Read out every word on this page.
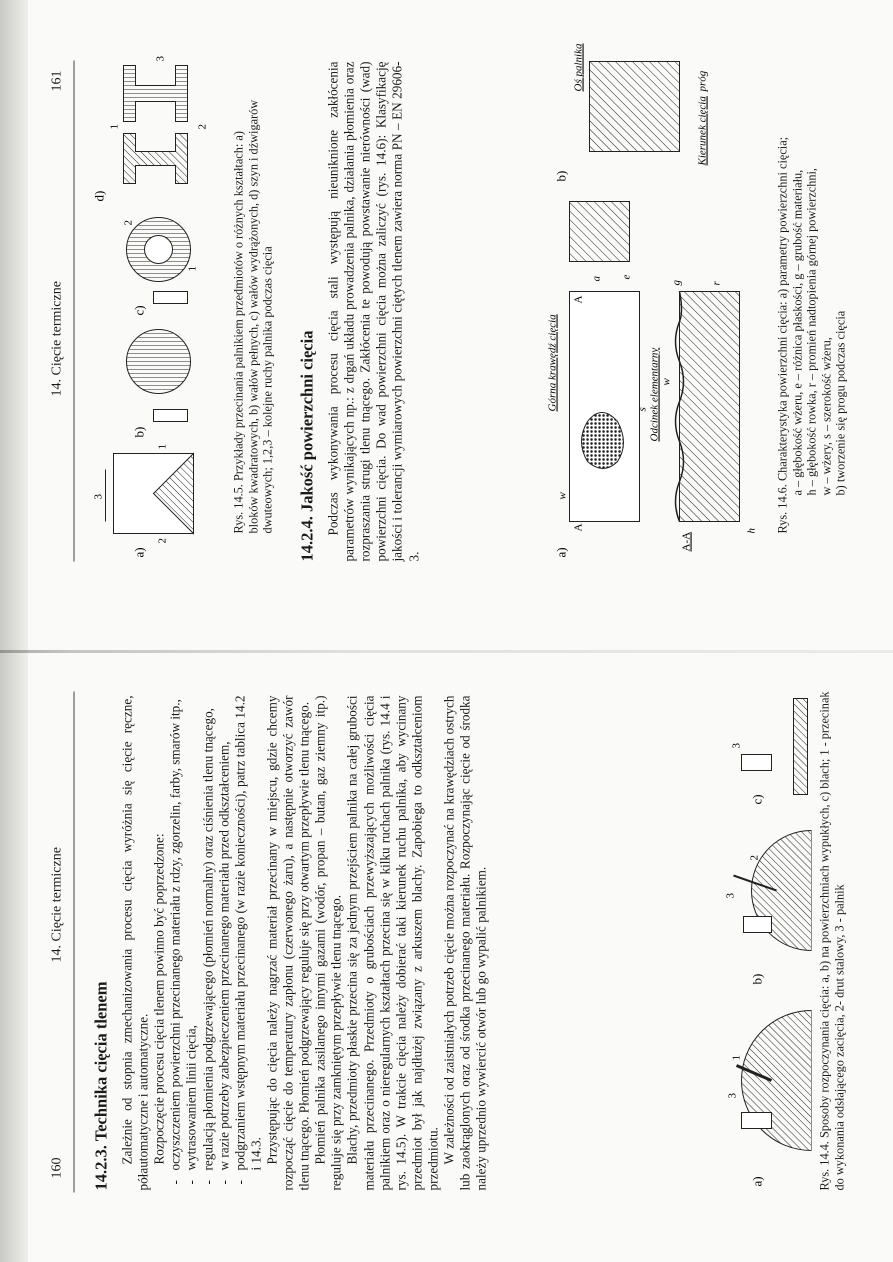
160
14. Cięcie termiczne
14.2.3. Technika cięcia tlenem Zależnie od stopnia zmechanizowania procesu cięcia wyróżnia się cięcie ręczne, półautomatyczne i automatyczne. Rozpoczęcie procesu cięcia tlenem powinno być poprzedzone: - oczyszczeniem powierzchni przecinanego materiału z rdzy, zgorzelin, farby, smarów itp., - wytrasowaniem linii cięcia, - regulacją płomienia podgrzewającego (płomień normalny) oraz ciśnienia tlenu tnącego, - w razie potrzeby zabezpieczeniem przecinanego materiału przed odkształceniem, - podgrzaniem wstępnym materiału przecinanego (w razie konieczności), patrz tablica 14.2 i 14.3. Przystępując do cięcia należy nagrzać materiał przecinany w miejscu, gdzie chcemy rozpocząć cięcie do temperatury zapłonu (czerwonego żaru), a następnie otworzyć zawór tlenu tnącego. Płomień podgrzewający reguluje się przy otwartym przepływie tlenu tnącego. Płomień palnika zasilanego innymi gazami (wodór, propan – butan, gaz ziemny itp.) reguluje się przy zamkniętym przepływie tlenu tnącego. Blachy, przedmioty płaskie przecina się za jednym przejściem palnika na całej grubości materiału przecinanego. Przedmioty o grubościach przewyższających możliwości cięcia palnikiem oraz o nieregularnych kształtach przecina się w kilku ruchach palnika (rys. 14.4 i rys. 14.5). W trakcie cięcia należy dobierać taki kierunek ruchu palnika, aby wycinany przedmiot był jak najdłużej związany z arkuszem blachy. Zapobiega to odkształceniom przedmiotu. W zależności od zaistniałych potrzeb cięcie można rozpoczynać na krawędziach ostrych lub zaokrąglonych oraz od środka przecinanego materiału. Rozpoczynając cięcie od środka należy uprzednio wywiercić otwór lub go wypalić palnikiem.	a)
3
1
b)
3
2
c)
3	Rys. 14.4. Sposoby rozpoczynania cięcia: a, b) na powierzchniach wypukłych, c) blach; 1 - przecinak do wykonania odsłającego zacięcia, 2- drut stalowy, 3 - palnik
14. Cięcie termiczne
161
a)
3
2
1
b)
c)
1
2
d)
1	2
3
Rys. 14.5. Przykłady przecinania palnikiem przedmiotów o różnych kształtach: a) bloków kwadratowych, b) wałów pełnych, c) wałów wydrążonych, d) szyn i dźwigarów dwuteowych; 1,2,3 – kolejne ruchy palnika podczas cięcia 14.2.4. Jakość powierzchni cięcia Podczas wykonywania procesu cięcia stali występują nieuniknione zakłócenia parametrów wynikających np.: z drgań układu prowadzenia palnika, działania płomienia oraz rozpraszania strugi tlenu tnącego. Zakłócenia te powodują powstawanie nierówności (wad) powierzchni cięcia. Do wad powierzchni cięcia można zaliczyć (rys. 14.6): Klasyfikację jakości i tolerancji wymiarowych powierzchni ciętych tlenem zawiera norma PN – EN 29606-3.	a)
Górna krawędź cięcia	Odcinek elementarny
A-A
A
A
w
a e
s
h
r
g
w
b)
Oś palnika
Kierunek cięcia
próg
Rys. 14.6. Charakterystyka powierzchni cięcia: a) parametry powierzchni cięcia; a – głębokość wżeru, e – różnica płaskości, g – grubość materiału, h – głębokość rowka, r – promień nadtopienia górnej powierzchni, w – wżery, s – szerokość wżeru, b) tworzenie się progu podczas cięcia
